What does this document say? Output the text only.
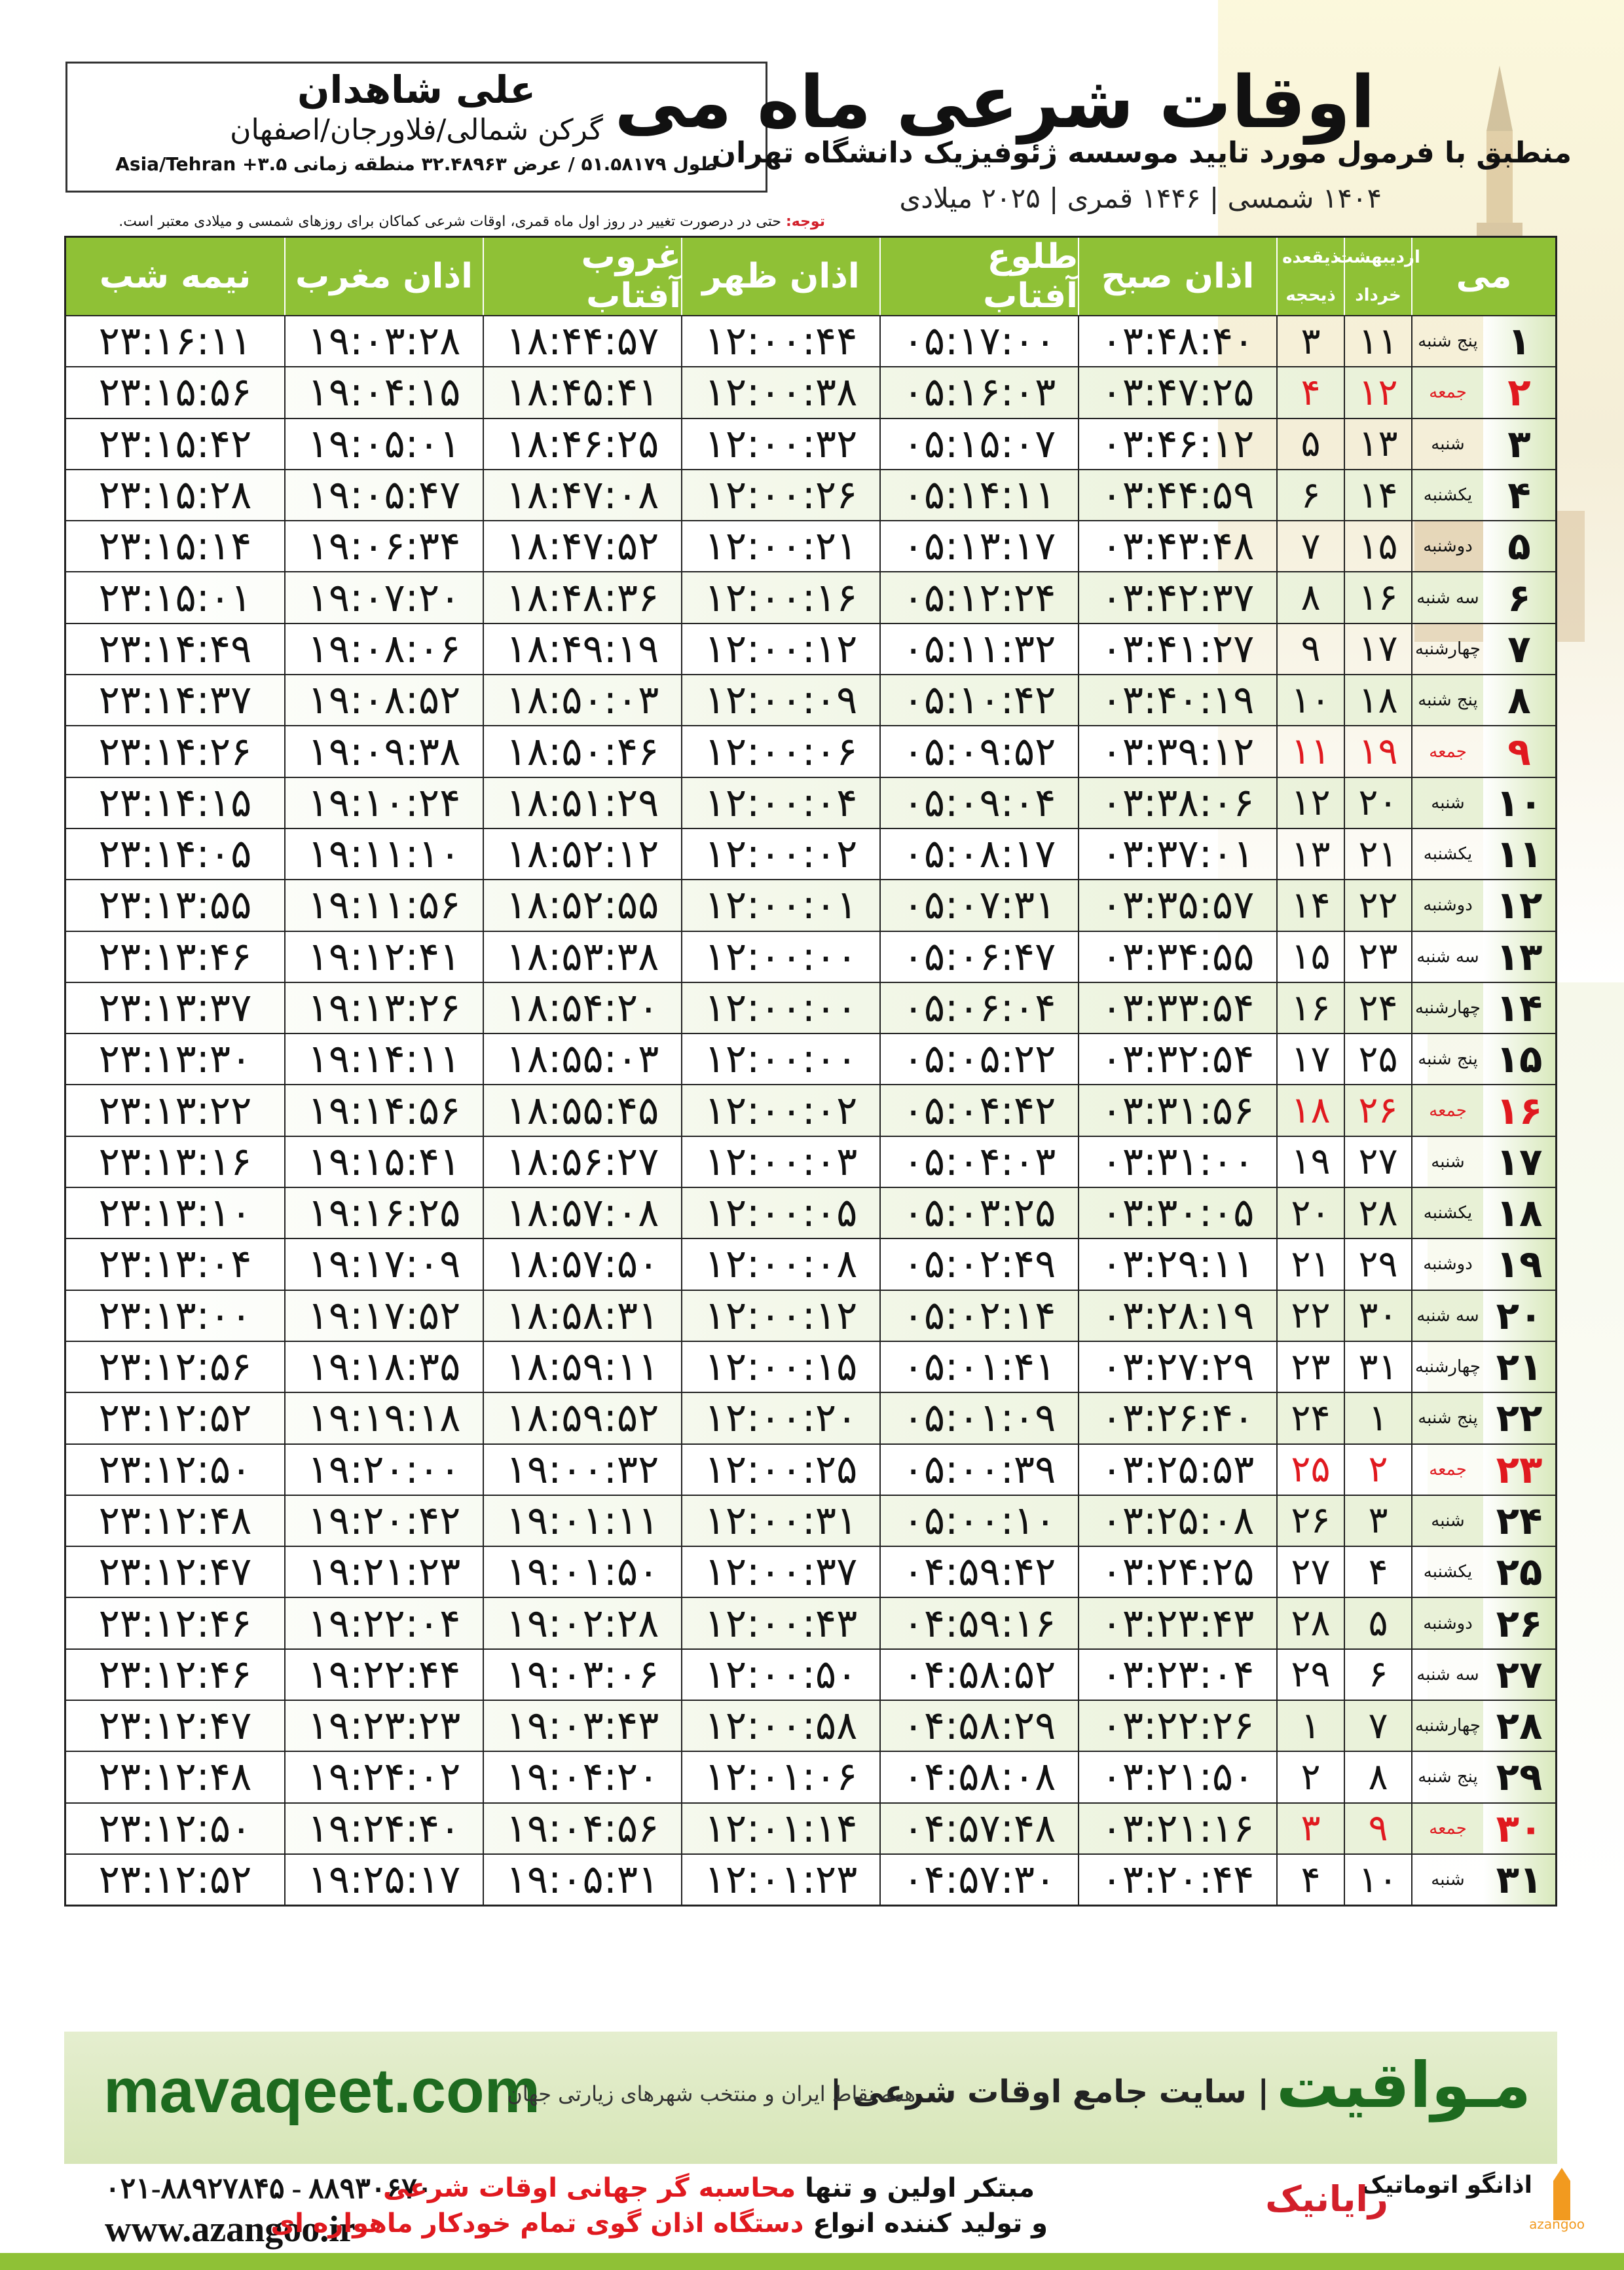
علی شاهدان
گرکن شمالی/فلاورجان/اصفهان
طول ۵۱.۵۸۱۷۹ / عرض ۳۲.۴۸۹۶۳ منطقه زمانی ۳.۵+ Asia/Tehran
اوقات شرعی ماه می
منطبق با فرمول مورد تایید موسسه ژئوفیزیک دانشگاه تهران
۱۴۰۴ شمسی | ۱۴۴۶ قمری | ۲۰۲۵ میلادی
توجه: حتی در درصورت تغییر در روز اول ماه قمری، اوقات شرعی کماکان برای روزهای شمسی و میلادی معتبر است.
می
اردیبهشت
خرداد
ذیقعده
ذیحجه
اذان صبح
طلوع آفتاب
اذان ظهر
غروب آفتاب
اذان مغرب
نیمه شب
۱
پنج شنبه
۱۱
۳
۰۳:۴۸:۴۰
۰۵:۱۷:۰۰
۱۲:۰۰:۴۴
۱۸:۴۴:۵۷
۱۹:۰۳:۲۸
۲۳:۱۶:۱۱
۲
جمعه
۱۲
۴
۰۳:۴۷:۲۵
۰۵:۱۶:۰۳
۱۲:۰۰:۳۸
۱۸:۴۵:۴۱
۱۹:۰۴:۱۵
۲۳:۱۵:۵۶
۳
شنبه
۱۳
۵
۰۳:۴۶:۱۲
۰۵:۱۵:۰۷
۱۲:۰۰:۳۲
۱۸:۴۶:۲۵
۱۹:۰۵:۰۱
۲۳:۱۵:۴۲
۴
یکشنبه
۱۴
۶
۰۳:۴۴:۵۹
۰۵:۱۴:۱۱
۱۲:۰۰:۲۶
۱۸:۴۷:۰۸
۱۹:۰۵:۴۷
۲۳:۱۵:۲۸
۵
دوشنبه
۱۵
۷
۰۳:۴۳:۴۸
۰۵:۱۳:۱۷
۱۲:۰۰:۲۱
۱۸:۴۷:۵۲
۱۹:۰۶:۳۴
۲۳:۱۵:۱۴
۶
سه شنبه
۱۶
۸
۰۳:۴۲:۳۷
۰۵:۱۲:۲۴
۱۲:۰۰:۱۶
۱۸:۴۸:۳۶
۱۹:۰۷:۲۰
۲۳:۱۵:۰۱
۷
چهارشنبه
۱۷
۹
۰۳:۴۱:۲۷
۰۵:۱۱:۳۲
۱۲:۰۰:۱۲
۱۸:۴۹:۱۹
۱۹:۰۸:۰۶
۲۳:۱۴:۴۹
۸
پنج شنبه
۱۸
۱۰
۰۳:۴۰:۱۹
۰۵:۱۰:۴۲
۱۲:۰۰:۰۹
۱۸:۵۰:۰۳
۱۹:۰۸:۵۲
۲۳:۱۴:۳۷
۹
جمعه
۱۹
۱۱
۰۳:۳۹:۱۲
۰۵:۰۹:۵۲
۱۲:۰۰:۰۶
۱۸:۵۰:۴۶
۱۹:۰۹:۳۸
۲۳:۱۴:۲۶
۱۰
شنبه
۲۰
۱۲
۰۳:۳۸:۰۶
۰۵:۰۹:۰۴
۱۲:۰۰:۰۴
۱۸:۵۱:۲۹
۱۹:۱۰:۲۴
۲۳:۱۴:۱۵
۱۱
یکشنبه
۲۱
۱۳
۰۳:۳۷:۰۱
۰۵:۰۸:۱۷
۱۲:۰۰:۰۲
۱۸:۵۲:۱۲
۱۹:۱۱:۱۰
۲۳:۱۴:۰۵
۱۲
دوشنبه
۲۲
۱۴
۰۳:۳۵:۵۷
۰۵:۰۷:۳۱
۱۲:۰۰:۰۱
۱۸:۵۲:۵۵
۱۹:۱۱:۵۶
۲۳:۱۳:۵۵
۱۳
سه شنبه
۲۳
۱۵
۰۳:۳۴:۵۵
۰۵:۰۶:۴۷
۱۲:۰۰:۰۰
۱۸:۵۳:۳۸
۱۹:۱۲:۴۱
۲۳:۱۳:۴۶
۱۴
چهارشنبه
۲۴
۱۶
۰۳:۳۳:۵۴
۰۵:۰۶:۰۴
۱۲:۰۰:۰۰
۱۸:۵۴:۲۰
۱۹:۱۳:۲۶
۲۳:۱۳:۳۷
۱۵
پنج شنبه
۲۵
۱۷
۰۳:۳۲:۵۴
۰۵:۰۵:۲۲
۱۲:۰۰:۰۰
۱۸:۵۵:۰۳
۱۹:۱۴:۱۱
۲۳:۱۳:۳۰
۱۶
جمعه
۲۶
۱۸
۰۳:۳۱:۵۶
۰۵:۰۴:۴۲
۱۲:۰۰:۰۲
۱۸:۵۵:۴۵
۱۹:۱۴:۵۶
۲۳:۱۳:۲۲
۱۷
شنبه
۲۷
۱۹
۰۳:۳۱:۰۰
۰۵:۰۴:۰۳
۱۲:۰۰:۰۳
۱۸:۵۶:۲۷
۱۹:۱۵:۴۱
۲۳:۱۳:۱۶
۱۸
یکشنبه
۲۸
۲۰
۰۳:۳۰:۰۵
۰۵:۰۳:۲۵
۱۲:۰۰:۰۵
۱۸:۵۷:۰۸
۱۹:۱۶:۲۵
۲۳:۱۳:۱۰
۱۹
دوشنبه
۲۹
۲۱
۰۳:۲۹:۱۱
۰۵:۰۲:۴۹
۱۲:۰۰:۰۸
۱۸:۵۷:۵۰
۱۹:۱۷:۰۹
۲۳:۱۳:۰۴
۲۰
سه شنبه
۳۰
۲۲
۰۳:۲۸:۱۹
۰۵:۰۲:۱۴
۱۲:۰۰:۱۲
۱۸:۵۸:۳۱
۱۹:۱۷:۵۲
۲۳:۱۳:۰۰
۲۱
چهارشنبه
۳۱
۲۳
۰۳:۲۷:۲۹
۰۵:۰۱:۴۱
۱۲:۰۰:۱۵
۱۸:۵۹:۱۱
۱۹:۱۸:۳۵
۲۳:۱۲:۵۶
۲۲
پنج شنبه
۱
۲۴
۰۳:۲۶:۴۰
۰۵:۰۱:۰۹
۱۲:۰۰:۲۰
۱۸:۵۹:۵۲
۱۹:۱۹:۱۸
۲۳:۱۲:۵۲
۲۳
جمعه
۲
۲۵
۰۳:۲۵:۵۳
۰۵:۰۰:۳۹
۱۲:۰۰:۲۵
۱۹:۰۰:۳۲
۱۹:۲۰:۰۰
۲۳:۱۲:۵۰
۲۴
شنبه
۳
۲۶
۰۳:۲۵:۰۸
۰۵:۰۰:۱۰
۱۲:۰۰:۳۱
۱۹:۰۱:۱۱
۱۹:۲۰:۴۲
۲۳:۱۲:۴۸
۲۵
یکشنبه
۴
۲۷
۰۳:۲۴:۲۵
۰۴:۵۹:۴۲
۱۲:۰۰:۳۷
۱۹:۰۱:۵۰
۱۹:۲۱:۲۳
۲۳:۱۲:۴۷
۲۶
دوشنبه
۵
۲۸
۰۳:۲۳:۴۳
۰۴:۵۹:۱۶
۱۲:۰۰:۴۳
۱۹:۰۲:۲۸
۱۹:۲۲:۰۴
۲۳:۱۲:۴۶
۲۷
سه شنبه
۶
۲۹
۰۳:۲۳:۰۴
۰۴:۵۸:۵۲
۱۲:۰۰:۵۰
۱۹:۰۳:۰۶
۱۹:۲۲:۴۴
۲۳:۱۲:۴۶
۲۸
چهارشنبه
۷
۱
۰۳:۲۲:۲۶
۰۴:۵۸:۲۹
۱۲:۰۰:۵۸
۱۹:۰۳:۴۳
۱۹:۲۳:۲۳
۲۳:۱۲:۴۷
۲۹
پنج شنبه
۸
۲
۰۳:۲۱:۵۰
۰۴:۵۸:۰۸
۱۲:۰۱:۰۶
۱۹:۰۴:۲۰
۱۹:۲۴:۰۲
۲۳:۱۲:۴۸
۳۰
جمعه
۹
۳
۰۳:۲۱:۱۶
۰۴:۵۷:۴۸
۱۲:۰۱:۱۴
۱۹:۰۴:۵۶
۱۹:۲۴:۴۰
۲۳:۱۲:۵۰
۳۱
شنبه
۱۰
۴
۰۳:۲۰:۴۴
۰۴:۵۷:۳۰
۱۲:۰۱:۲۳
۱۹:۰۵:۳۱
۱۹:۲۵:۱۷
۲۳:۱۲:۵۲
mavaqeet.com	مـواقیت
| سایت جامع اوقات شرعی |
همه نقاط ایران و منتخب شهرهای زیارتی جهان
۰۲۱-۸۸۹۲۷۸۴۵ - ۸۸۹۳۰۶۷۰
www.azangoo.ir
مبتکر اولین و تنها محاسبه گر جهانی اوقات شرعی
و تولید کننده انواع دستگاه اذان گوی تمام خودکار ماهواره ای
اذانگو اتوماتیک
azangoo
رایانیک
